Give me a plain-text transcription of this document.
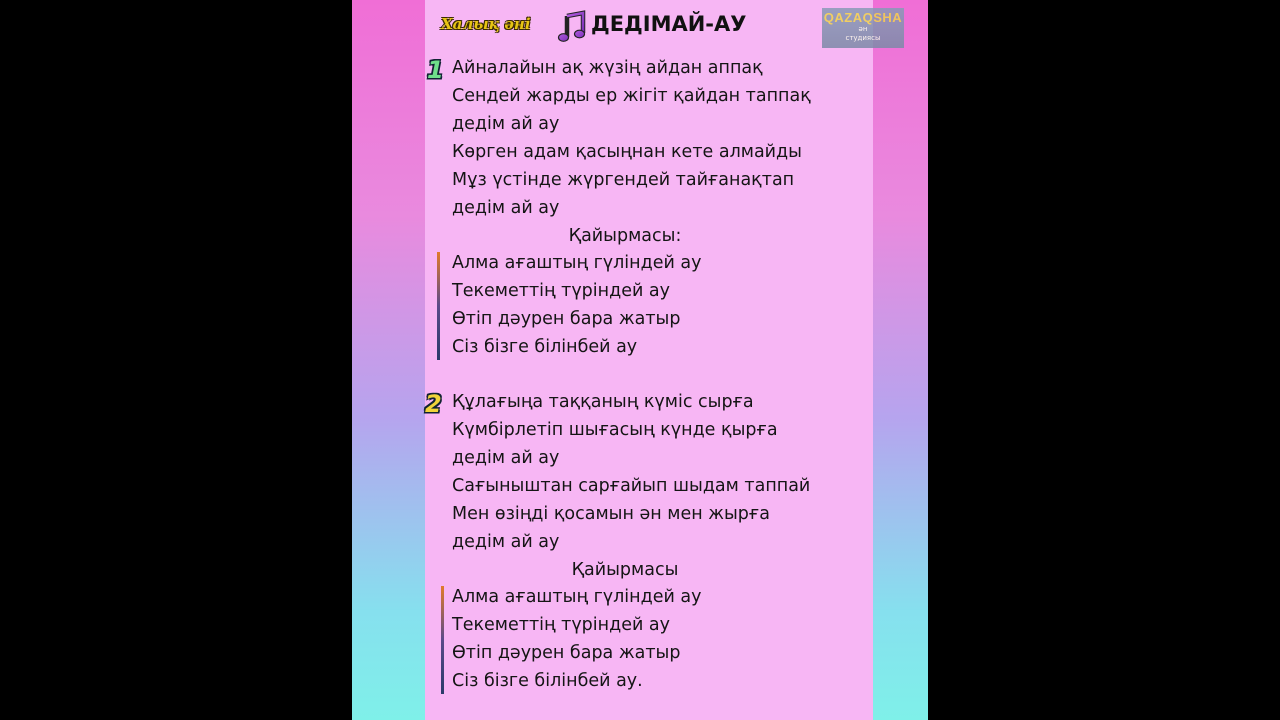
Халық әні	ДЕДІМАЙ-АУ	QAZAQSHA
ән
студиясы
1 Айналайын ақ жүзің айдан аппақ
Сендей жарды ер жігіт қайдан таппақ
дедім ай ау
Көрген адам қасыңнан кете алмайды
Мұз үстінде жүргендей тайғанақтап
дедім ай ау
Қайырмасы:
Алма ағаштың гүліндей ау
Текеметтің түріндей ау
Өтіп дәурен бара жатыр
Сіз бізге білінбей ау
2 Құлағыңа таққаның күміс сырға
Күмбірлетіп шығасың күнде қырға
дедім ай ау
Сағыныштан сарғайып шыдам таппай
Мен өзіңді қосамын ән мен жырға
дедім ай ау
Қайырмасы
Алма ағаштың гүліндей ау
Текеметтің түріндей ау
Өтіп дәурен бара жатыр
Сіз бізге білінбей ау.
